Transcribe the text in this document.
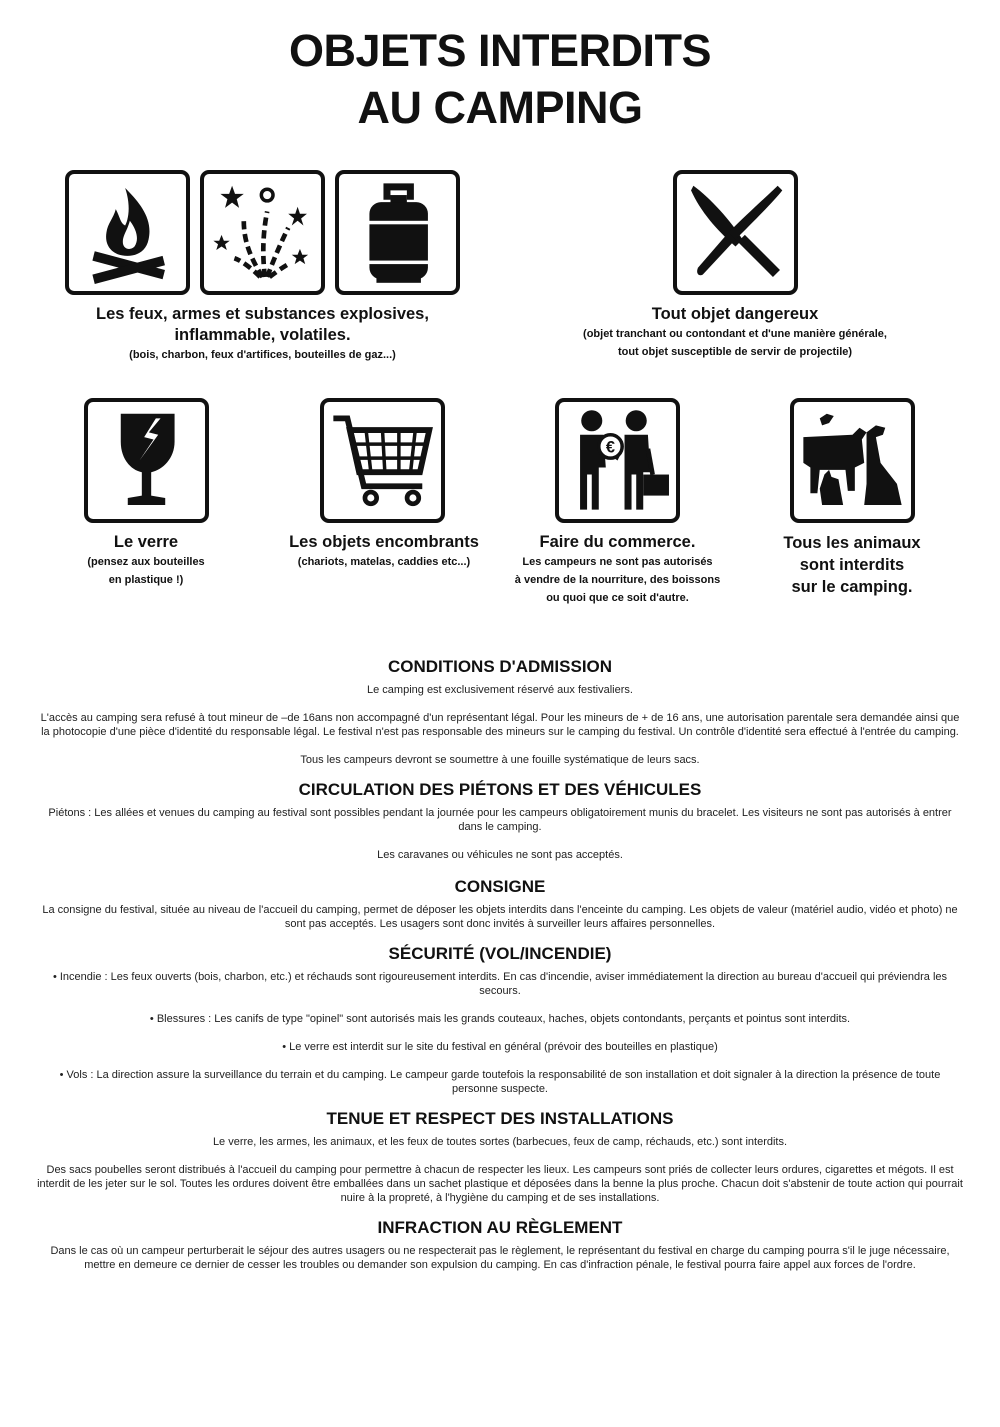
OBJETS INTERDITS
AU CAMPING
Les feux, armes et substances explosives,
inflammable, volatiles.
(bois, charbon, feux d'artifices, bouteilles de gaz...)
Tout objet dangereux
(objet tranchant ou contondant et d'une manière générale,
tout objet susceptible de servir de projectile)
€
Le verre
(pensez aux bouteilles
en plastique !)
Les objets encombrants
(chariots, matelas, caddies etc...)
Faire du commerce.
Les campeurs ne sont pas autorisés
à vendre de la nourriture, des boissons
ou quoi que ce soit d'autre.
Tous les animaux
sont interdits
sur le camping.
CONDITIONS D'ADMISSION

Le camping est exclusivement réservé aux festivaliers.

L'accès au camping sera refusé à tout mineur de –de 16ans non accompagné d'un représentant légal. Pour les mineurs de + de 16 ans, une autorisation parentale sera demandée ainsi que la photocopie d'une pièce d'identité du responsable légal. Le festival n'est pas responsable des mineurs sur le camping du festival. Un contrôle d'identité sera effectué à l'entrée du camping.

Tous les campeurs devront se soumettre à une fouille systématique de leurs sacs.

CIRCULATION DES PIÉTONS ET DES VÉHICULES

Piétons : Les allées et venues du camping au festival sont possibles pendant la journée pour les campeurs obligatoirement munis du bracelet. Les visiteurs ne sont pas autorisés à entrer dans le camping.

Les caravanes ou véhicules ne sont pas acceptés.

CONSIGNE

La consigne du festival, située au niveau de l'accueil du camping, permet de déposer les objets interdits dans l'enceinte du camping. Les objets de valeur (matériel audio, vidéo et photo) ne sont pas acceptés. Les usagers sont donc invités à surveiller leurs affaires personnelles.

SÉCURITÉ (VOL/INCENDIE)

• Incendie : Les feux ouverts (bois, charbon, etc.) et réchauds sont rigoureusement interdits. En cas d'incendie, aviser immédiatement la direction au bureau d'accueil qui préviendra les secours.

• Blessures : Les canifs de type "opinel" sont autorisés mais les grands couteaux, haches, objets contondants, perçants et pointus sont interdits.

• Le verre est interdit sur le site du festival en général (prévoir des bouteilles en plastique)

• Vols : La direction assure la surveillance du terrain et du camping. Le campeur garde toutefois la responsabilité de son installation et doit signaler à la direction la présence de toute personne suspecte.

TENUE ET RESPECT DES INSTALLATIONS

Le verre, les armes, les animaux, et les feux de toutes sortes (barbecues, feux de camp, réchauds, etc.) sont interdits.

Des sacs poubelles seront distribués à l'accueil du camping pour permettre à chacun de respecter les lieux. Les campeurs sont priés de collecter leurs ordures, cigarettes et mégots. Il est interdit de les jeter sur le sol. Toutes les ordures doivent être emballées dans un sachet plastique et déposées dans la benne la plus proche. Chacun doit s'abstenir de toute action qui pourrait nuire à la propreté, à l'hygiène du camping et de ses installations.

INFRACTION AU RÈGLEMENT

Dans le cas où un campeur perturberait le séjour des autres usagers ou ne respecterait pas le règlement, le représentant du festival en charge du camping pourra s'il le juge nécessaire, mettre en demeure ce dernier de cesser les troubles ou demander son expulsion du camping. En cas d'infraction pénale, le festival pourra faire appel aux forces de l'ordre.
